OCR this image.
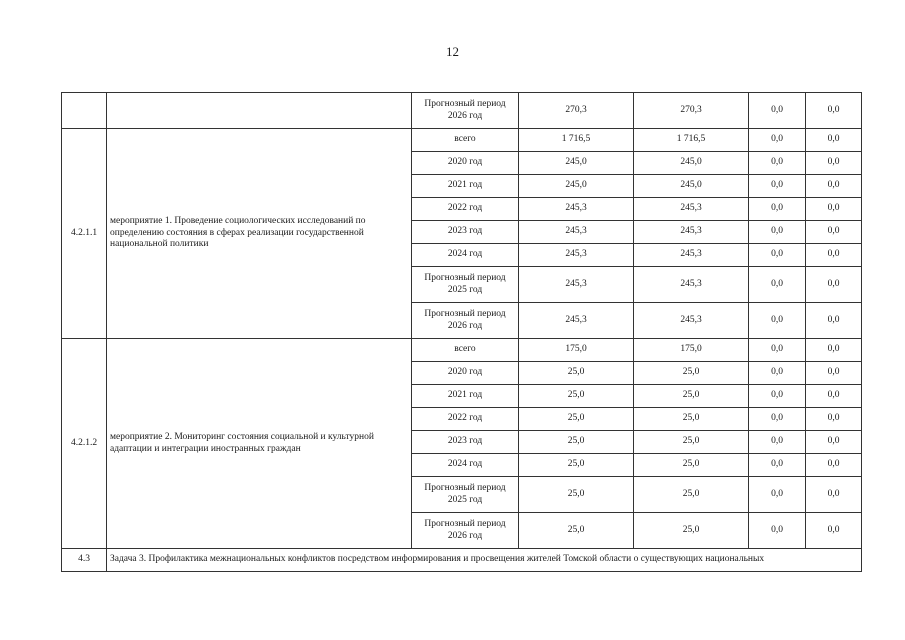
12
		Прогнозный период 2026 год	270,3	270,3	0,0	0,0
4.2.1.1	мероприятие 1. Проведение социологических исследований по определению состояния в сферах реализации государственной национальной политики	всего	1 716,5	1 716,5	0,0	0,0
		2020 год	245,0	245,0	0,0	0,0
		2021 год	245,0	245,0	0,0	0,0
		2022 год	245,3	245,3	0,0	0,0
		2023 год	245,3	245,3	0,0	0,0
		2024 год	245,3	245,3	0,0	0,0
		Прогнозный период 2025 год	245,3	245,3	0,0	0,0
		Прогнозный период 2026 год	245,3	245,3	0,0	0,0
4.2.1.2	мероприятие 2. Мониторинг состояния социальной и культурной адаптации и интеграции иностранных граждан	всего	175,0	175,0	0,0	0,0
		2020 год	25,0	25,0	0,0	0,0
		2021 год	25,0	25,0	0,0	0,0
		2022 год	25,0	25,0	0,0	0,0
		2023 год	25,0	25,0	0,0	0,0
		2024 год	25,0	25,0	0,0	0,0
		Прогнозный период 2025 год	25,0	25,0	0,0	0,0
		Прогнозный период 2026 год	25,0	25,0	0,0	0,0
4.3	Задача 3. Профилактика межнациональных конфликтов посредством информирования и просвещения жителей Томской области о существующих национальных					
